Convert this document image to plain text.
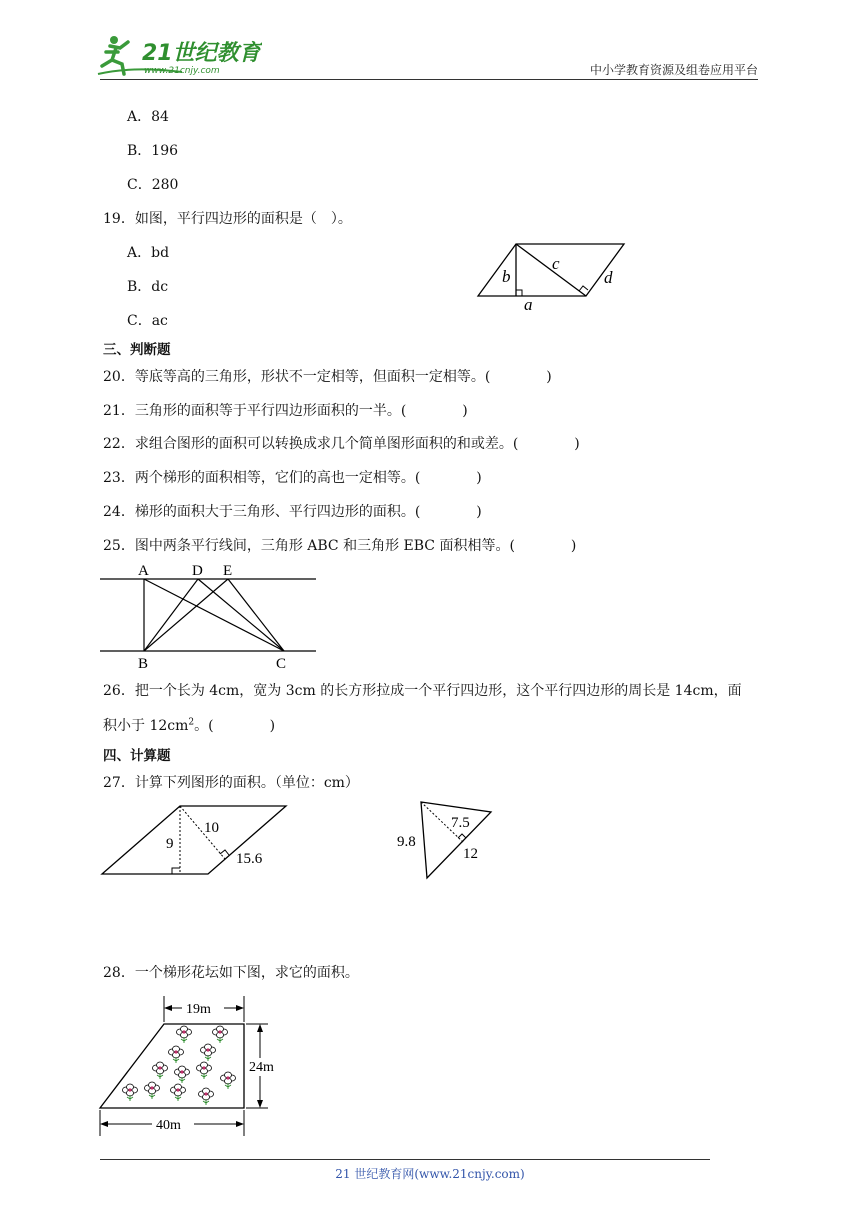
21世纪教育
www.21cnjy.com	中小学教育资源及组卷应用平台
A．84
B．196
C．280
19．如图，平行四边形的面积是（　）。
A．bd
B．dc
C．ac
b
c
d
a
三、判断题
20．等底等高的三角形，形状不一定相等，但面积一定相等。(　　　　)
21．三角形的面积等于平行四边形面积的一半。(　　　　)
22．求组合图形的面积可以转换成求几个简单图形面积的和或差。(　　　　)
23．两个梯形的面积相等，它们的高也一定相等。(　　　　)
24．梯形的面积大于三角形、平行四边形的面积。(　　　　)
25．图中两条平行线间，三角形 ABC 和三角形 EBC 面积相等。(　　　　)
A	D E
B	C
26．把一个长为 4cm，宽为 3cm 的长方形拉成一个平行四边形，这个平行四边形的周长是 14cm，面
积小于 $12cm^2$。(　　　　)
四、计算题
27．计算下列图形的面积。（单位：cm）
9
10
15.6
9.8
7.5
12
28．一个梯形花坛如下图，求它的面积。
19m
24m
40m
21 世纪教育网(www.21cnjy.com)
